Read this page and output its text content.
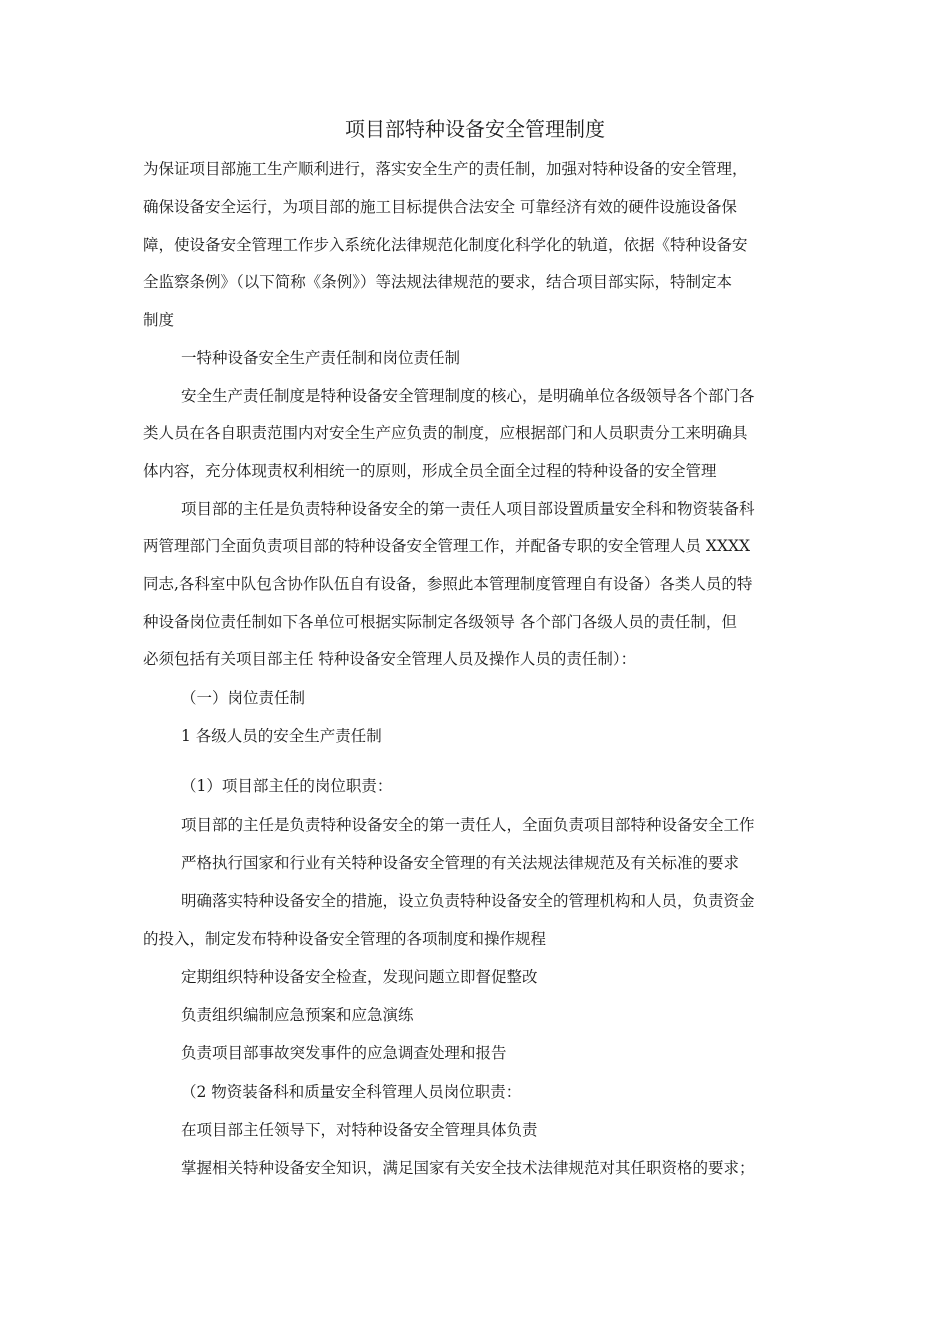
项目部特种设备安全管理制度
为保证项目部施工生产顺利进行，落实安全生产的责任制，加强对特种设备的安全管理，
确保设备安全运行，为项目部的施工目标提供合法安全 可靠经济有效的硬件设施设备保
障，使设备安全管理工作步入系统化法律规范化制度化科学化的轨道，依据《特种设备安
全监察条例》（以下简称《条例》）等法规法律规范的要求，结合项目部实际，特制定本
制度
一特种设备安全生产责任制和岗位责任制
安全生产责任制度是特种设备安全管理制度的核心，是明确单位各级领导各个部门各
类人员在各自职责范围内对安全生产应负责的制度，应根据部门和人员职责分工来明确具
体内容，充分体现责权利相统一的原则，形成全员全面全过程的特种设备的安全管理
项目部的主任是负责特种设备安全的第一责任人项目部设置质量安全科和物资装备科
两管理部门全面负责项目部的特种设备安全管理工作，并配备专职的安全管理人员 XXXX
同志,各科室中队包含协作队伍自有设备，参照此本管理制度管理自有设备）各类人员的特
种设备岗位责任制如下各单位可根据实际制定各级领导 各个部门各级人员的责任制，但
必须包括有关项目部主任 特种设备安全管理人员及操作人员的责任制）：
（一）岗位责任制
1 各级人员的安全生产责任制
（1）项目部主任的岗位职责：
项目部的主任是负责特种设备安全的第一责任人，全面负责项目部特种设备安全工作
严格执行国家和行业有关特种设备安全管理的有关法规法律规范及有关标准的要求
明确落实特种设备安全的措施，设立负责特种设备安全的管理机构和人员，负责资金
的投入，制定发布特种设备安全管理的各项制度和操作规程
定期组织特种设备安全检查，发现问题立即督促整改
负责组织编制应急预案和应急演练
负责项目部事故突发事件的应急调查处理和报告
（2 物资装备科和质量安全科管理人员岗位职责：
在项目部主任领导下，对特种设备安全管理具体负责
掌握相关特种设备安全知识，满足国家有关安全技术法律规范对其任职资格的要求；
